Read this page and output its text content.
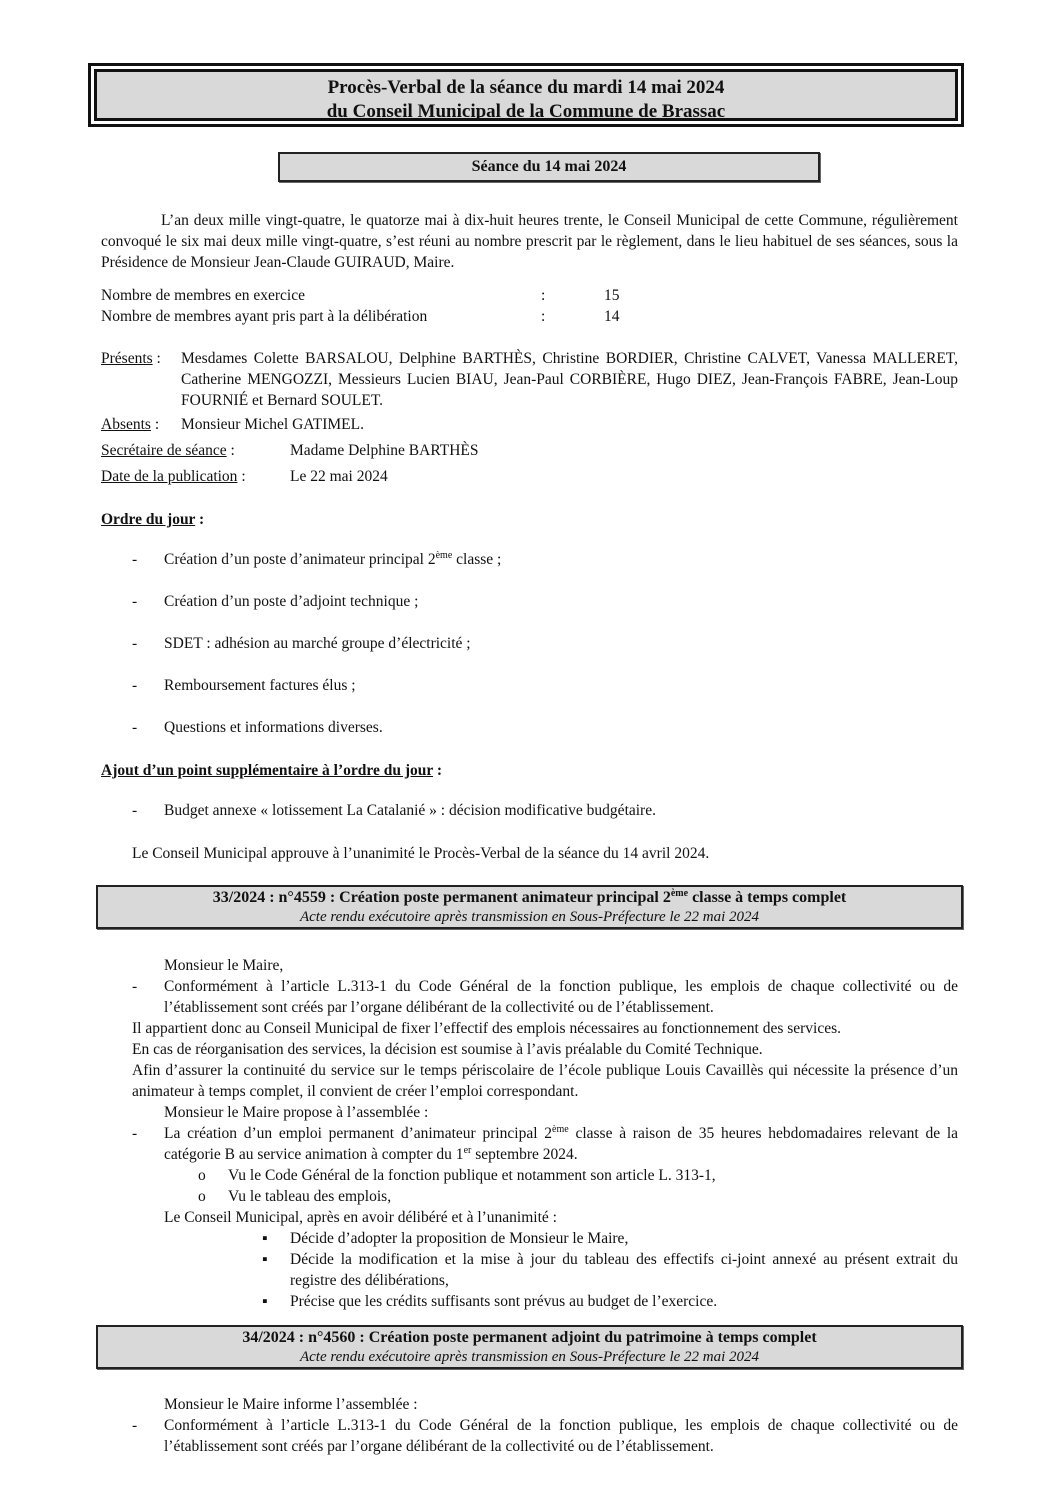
Procès-Verbal de la séance du mardi 14 mai 2024
du Conseil Municipal de la Commune de Brassac
Séance du 14 mai 2024
L’an deux mille vingt-quatre, le quatorze mai à dix-huit heures trente, le Conseil Municipal de cette Commune, régulièrement convoqué le six mai deux mille vingt-quatre, s’est réuni au nombre prescrit par le règlement, dans le lieu habituel de ses séances, sous la Présidence de Monsieur Jean-Claude GUIRAUD, Maire.
Nombre de membres en exercice	:	15
Nombre de membres ayant pris part à la délibération	:	14
Présents :	Mesdames Colette BARSALOU, Delphine BARTHÈS, Christine BORDIER, Christine CALVET, Vanessa MALLERET, Catherine MENGOZZI, Messieurs Lucien BIAU, Jean-Paul CORBIÈRE, Hugo DIEZ, Jean-François FABRE, Jean-Loup FOURNIÉ et Bernard SOULET.
Absents : Monsieur Michel GATIMEL.
Secrétaire de séance :	Madame Delphine BARTHÈS
Date de la publication :	Le 22 mai 2024
Ordre du jour :
- Création d’un poste d’animateur principal 2ème classe ;
- Création d’un poste d’adjoint technique ;
- SDET : adhésion au marché groupe d’électricité ;
- Remboursement factures élus ;
- Questions et informations diverses.
Ajout d’un point supplémentaire à l’ordre du jour :
- Budget annexe « lotissement La Catalanié » : décision modificative budgétaire.
Le Conseil Municipal approuve à l’unanimité le Procès-Verbal de la séance du 14 avril 2024.
33/2024 : n°4559 : Création poste permanent animateur principal 2ème classe à temps complet
Acte rendu exécutoire après transmission en Sous-Préfecture le 22 mai 2024
Monsieur le Maire,
- Conformément à l’article L.313-1 du Code Général de la fonction publique, les emplois de chaque collectivité ou de l’établissement sont créés par l’organe délibérant de la collectivité ou de l’établissement.
Il appartient donc au Conseil Municipal de fixer l’effectif des emplois nécessaires au fonctionnement des services.
En cas de réorganisation des services, la décision est soumise à l’avis préalable du Comité Technique.
Afin d’assurer la continuité du service sur le temps périscolaire de l’école publique Louis Cavaillès qui nécessite la présence d’un animateur à temps complet, il convient de créer l’emploi correspondant.
Monsieur le Maire propose à l’assemblée :
- La création d’un emploi permanent d’animateur principal 2ème classe à raison de 35 heures hebdomadaires relevant de la catégorie B au service animation à compter du 1er septembre 2024.
o Vu le Code Général de la fonction publique et notamment son article L. 313-1,
o Vu le tableau des emplois,
Le Conseil Municipal, après en avoir délibéré et à l’unanimité :
▪ Décide d’adopter la proposition de Monsieur le Maire,
▪ Décide la modification et la mise à jour du tableau des effectifs ci-joint annexé au présent extrait du registre des délibérations,
▪ Précise que les crédits suffisants sont prévus au budget de l’exercice.
34/2024 : n°4560 : Création poste permanent adjoint du patrimoine à temps complet
Acte rendu exécutoire après transmission en Sous-Préfecture le 22 mai 2024
Monsieur le Maire informe l’assemblée :
- Conformément à l’article L.313-1 du Code Général de la fonction publique, les emplois de chaque collectivité ou de l’établissement sont créés par l’organe délibérant de la collectivité ou de l’établissement.
